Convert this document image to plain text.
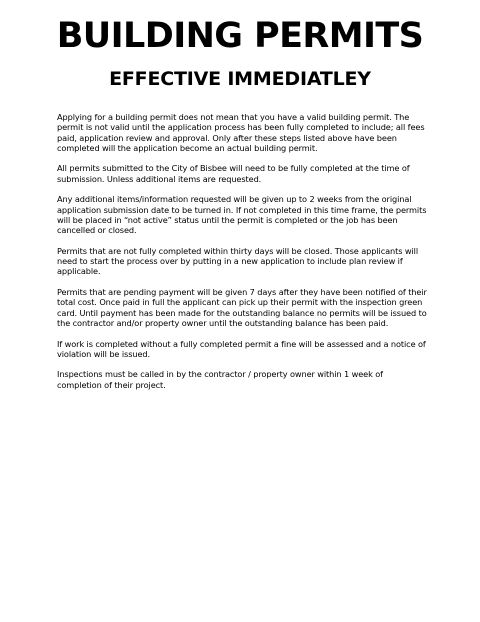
BUILDING PERMITS
EFFECTIVE IMMEDIATLEY

Applying for a building permit does not mean that you have a valid building permit. The permit is not valid until the application process has been fully completed to include; all fees paid, application review and approval. Only after these steps listed above have been completed will the application become an actual building permit.

All permits submitted to the City of Bisbee will need to be fully completed at the time of submission. Unless additional items are requested.

Any additional items/information requested will be given up to 2 weeks from the original application submission date to be turned in. If not completed in this time frame, the permits will be placed in “not active” status until the permit is completed or the job has been cancelled or closed.

Permits that are not fully completed within thirty days will be closed. Those applicants will need to start the process over by putting in a new application to include plan review if applicable.

Permits that are pending payment will be given 7 days after they have been notified of their total cost. Once paid in full the applicant can pick up their permit with the inspection green card. Until payment has been made for the outstanding balance no permits will be issued to the contractor and/or property owner until the outstanding balance has been paid.

If work is completed without a fully completed permit a fine will be assessed and a notice of violation will be issued.

Inspections must be called in by the contractor / property owner within 1 week of completion of their project.
